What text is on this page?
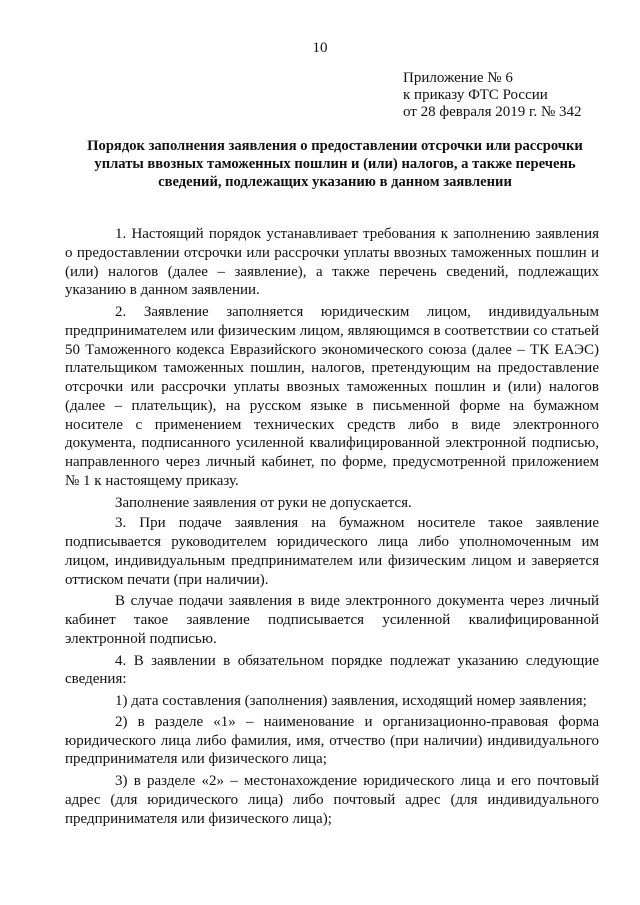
10
Приложение № 6
к приказу ФТС России
от 28 февраля 2019 г. № 342
Порядок заполнения заявления о предоставлении отсрочки или рассрочки
уплаты ввозных таможенных пошлин и (или) налогов, а также перечень
сведений, подлежащих указанию в данном заявлении

1. Настоящий порядок устанавливает требования к заполнению заявления о предоставлении отсрочки или рассрочки уплаты ввозных таможенных пошлин и (или) налогов (далее – заявление), а также перечень сведений, подлежащих указанию в данном заявлении.

2. Заявление заполняется юридическим лицом, индивидуальным предпринимателем или физическим лицом, являющимся в соответствии со статьей 50 Таможенного кодекса Евразийского экономического союза (далее – ТК ЕАЭС) плательщиком таможенных пошлин, налогов, претендующим на предоставление отсрочки или рассрочки уплаты ввозных таможенных пошлин и (или) налогов (далее – плательщик), на русском языке в письменной форме на бумажном носителе с применением технических средств либо в виде электронного документа, подписанного усиленной квалифицированной электронной подписью, направленного через личный кабинет, по форме, предусмотренной приложением № 1 к настоящему приказу.

Заполнение заявления от руки не допускается.

3. При подаче заявления на бумажном носителе такое заявление подписывается руководителем юридического лица либо уполномоченным им лицом, индивидуальным предпринимателем или физическим лицом и заверяется оттиском печати (при наличии).

В случае подачи заявления в виде электронного документа через личный кабинет такое заявление подписывается усиленной квалифицированной электронной подписью.

4. В заявлении в обязательном порядке подлежат указанию следующие сведения:

1) дата составления (заполнения) заявления, исходящий номер заявления;

2) в разделе «1» – наименование и организационно-правовая форма юридического лица либо фамилия, имя, отчество (при наличии) индивидуального предпринимателя или физического лица;

3) в разделе «2» – местонахождение юридического лица и его почтовый адрес (для юридического лица) либо почтовый адрес (для индивидуального предпринимателя или физического лица);
